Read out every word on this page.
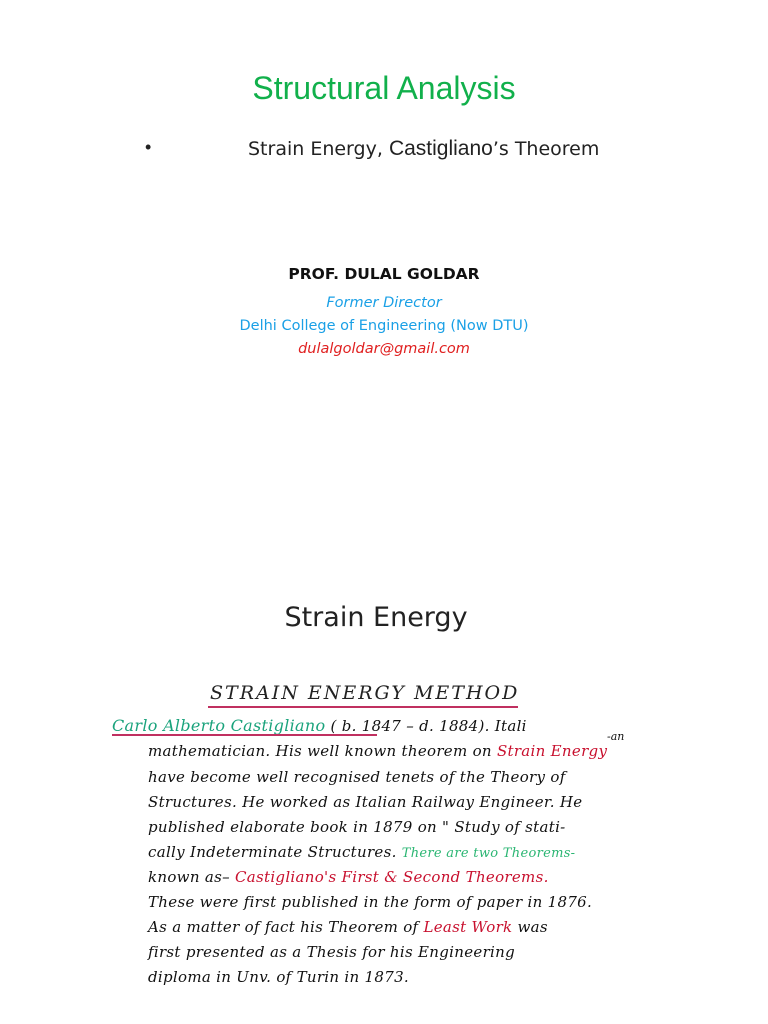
Structural Analysis
•	Strain Energy, Castigliano’s Theorem
PROF. DULAL GOLDAR
Former Director
Delhi College of Engineering (Now DTU)
dulalgoldar@gmail.com
Strain Energy
STRAIN ENERGY METHOD
Carlo Alberto Castigliano ( b. 1847 – d. 1884). Itali
-an
mathematician. His well known theorem on Strain Energy
have become well recognised tenets of the Theory of
Structures. He worked as Italian Railway Engineer. He
published elaborate book in 1879 on " Study of stati-
cally Indeterminate Structures. There are two Theorems-
known as– Castigliano's First & Second Theorems.
These were first published in the form of paper in 1876.
As a matter of fact his Theorem of Least Work was
first presented as a Thesis for his Engineering
diploma in Unv. of Turin in 1873.
